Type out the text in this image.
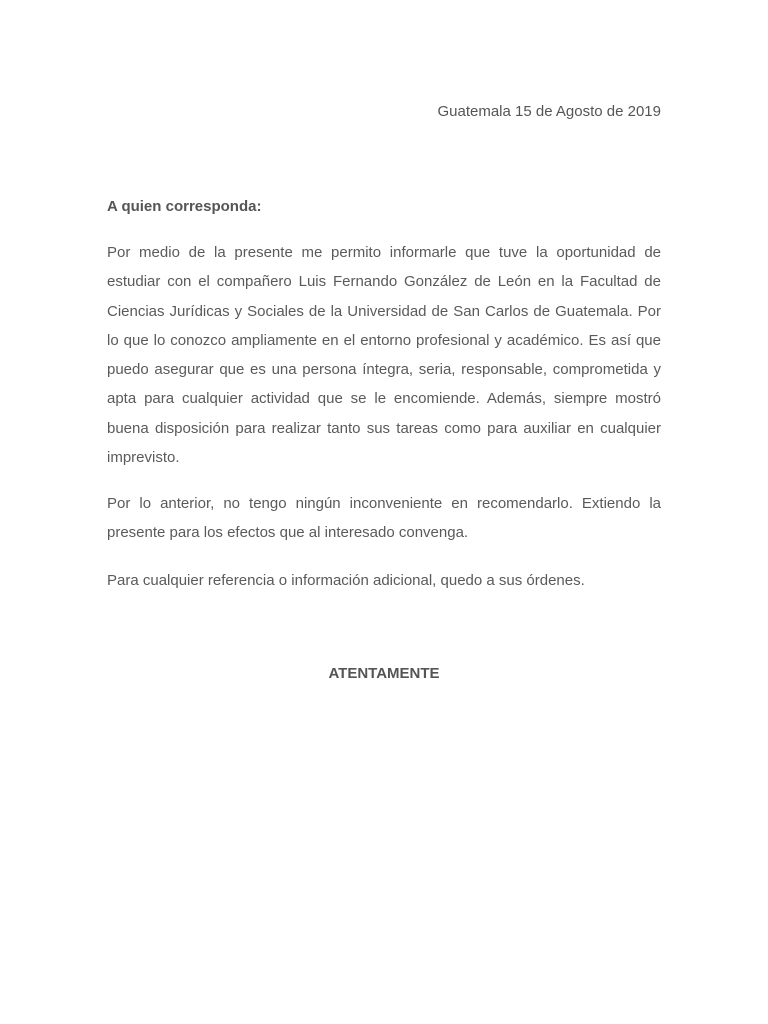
Guatemala 15 de Agosto de 2019
A quien corresponda:
Por medio de la presente me permito informarle que tuve la oportunidad de estudiar con el compañero Luis Fernando González de León en la Facultad de Ciencias Jurídicas y Sociales de la Universidad de San Carlos de Guatemala. Por lo que lo conozco ampliamente en el entorno profesional y académico. Es así que puedo asegurar que es una persona íntegra, seria, responsable, comprometida y apta para cualquier actividad que se le encomiende. Además, siempre mostró buena disposición para realizar tanto sus tareas como para auxiliar en cualquier imprevisto.
Por lo anterior, no tengo ningún inconveniente en recomendarlo. Extiendo la presente para los efectos que al interesado convenga.
Para cualquier referencia o información adicional, quedo a sus órdenes.
ATENTAMENTE
